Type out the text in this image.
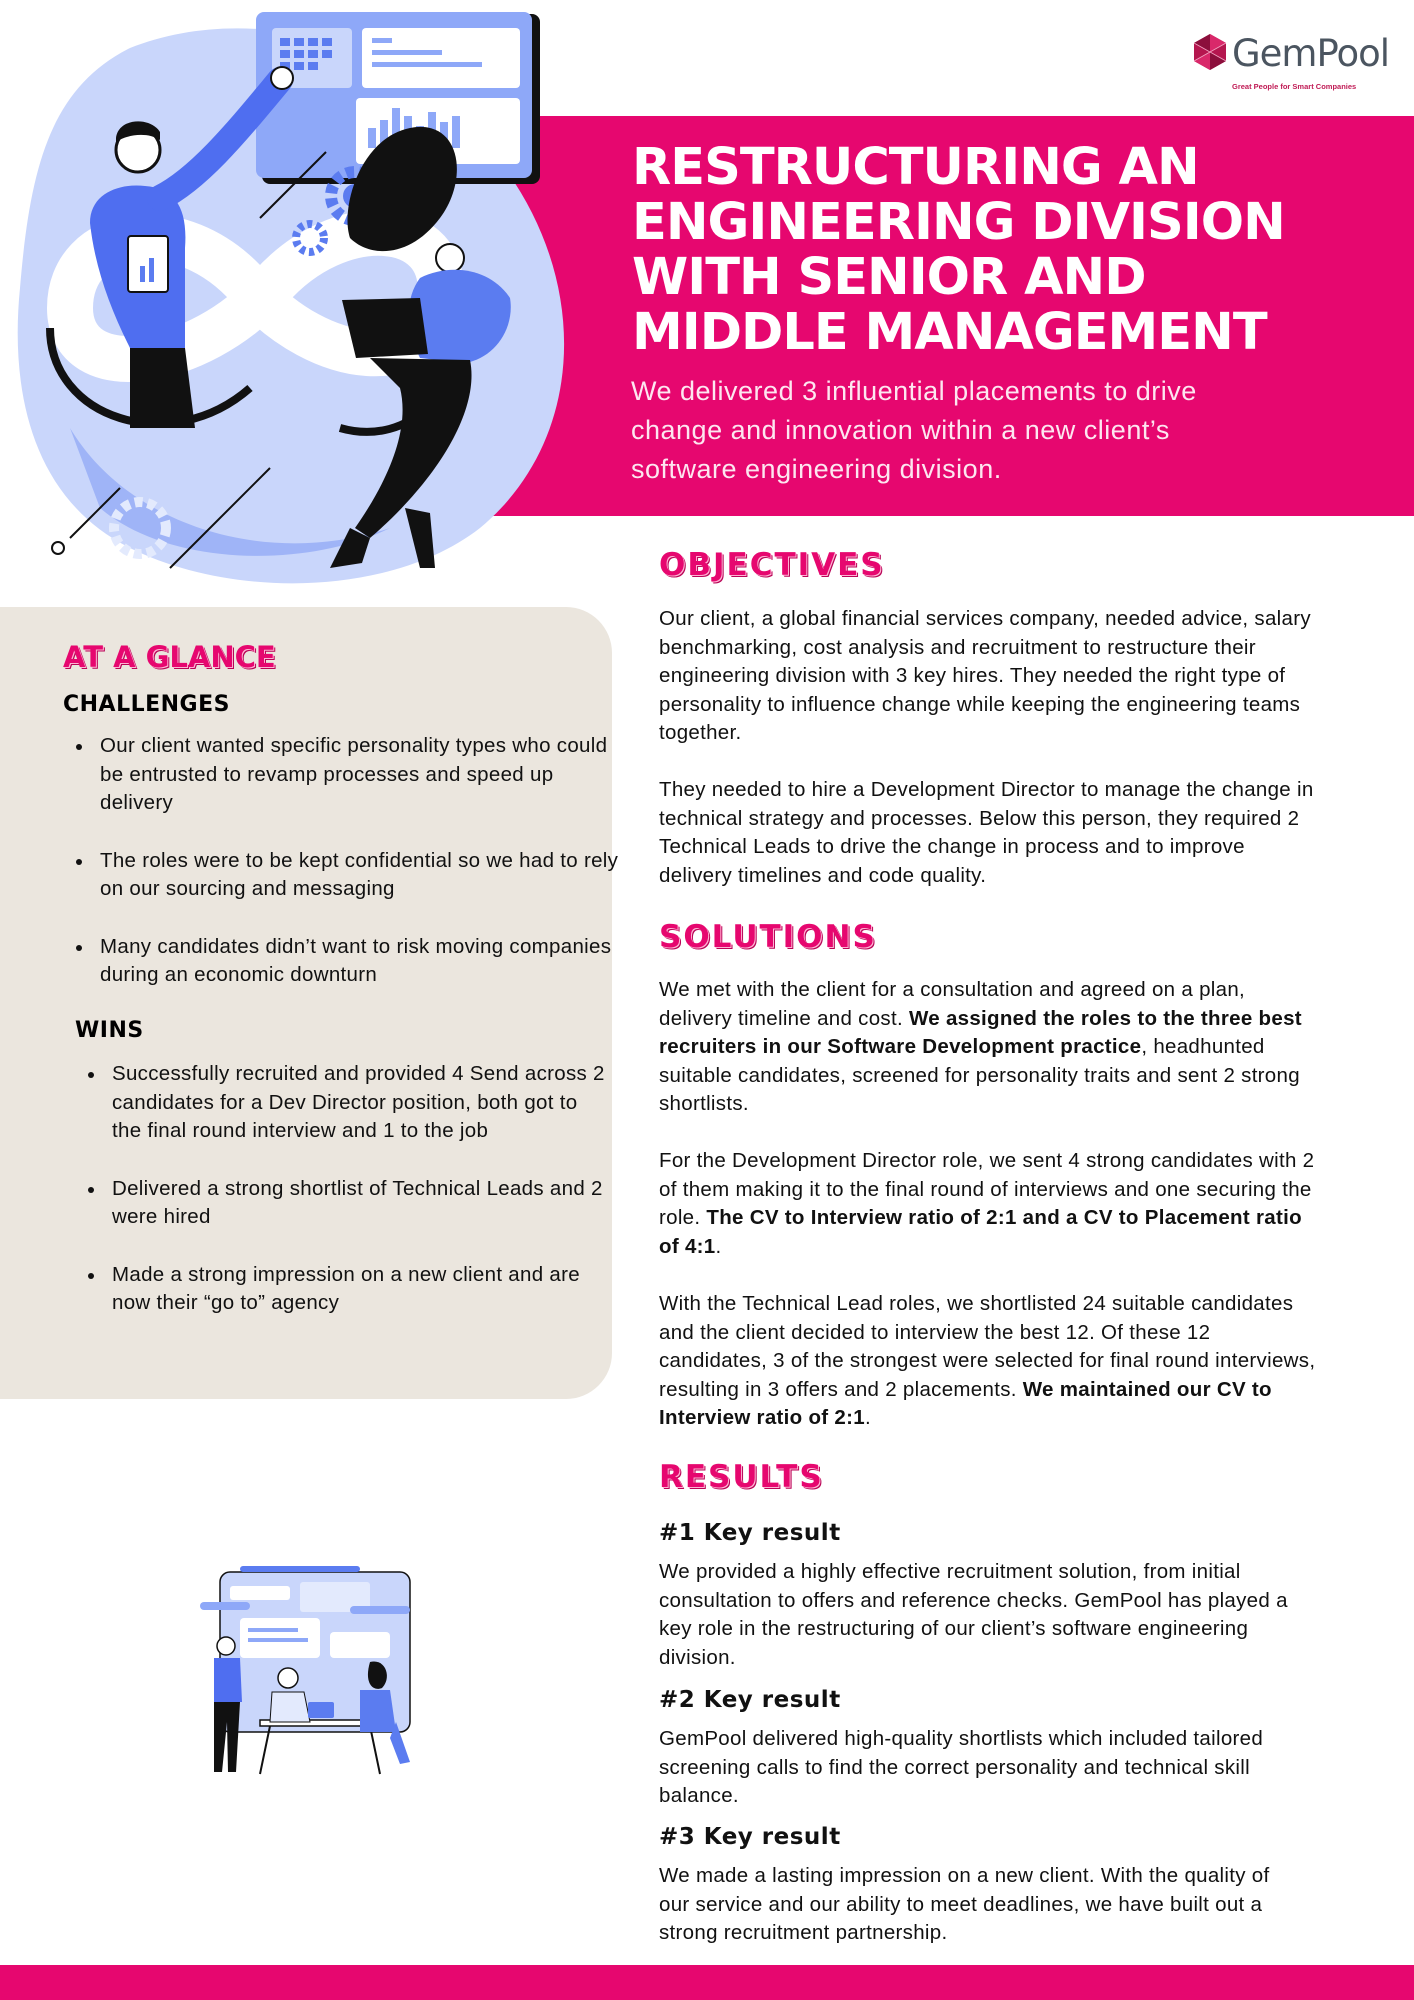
GemPool
Great People for Smart Companies
RESTRUCTURING AN ENGINEERING DIVISION WITH SENIOR AND MIDDLE MANAGEMENT

We delivered 3 influential placements to drive change and innovation within a new client’s software engineering division.

AT A GLANCE
CHALLENGES
Our client wanted specific personality types who could be entrusted to revamp processes and speed up delivery
The roles were to be kept confidential so we had to rely on our sourcing and messaging
Many candidates didn’t want to risk moving companies during an economic downturn
WINS
Successfully recruited and provided 4 Send across 2 candidates for a Dev Director position, both got to the final round interview and 1 to the job
Delivered a strong shortlist of Technical Leads and 2 were hired
Made a strong impression on a new client and are now their “go to” agency
OBJECTIVES

Our client, a global financial services company, needed advice, salary benchmarking, cost analysis and recruitment to restructure their engineering division with 3 key hires. They needed the right type of personality to influence change while keeping the engineering teams together.

They needed to hire a Development Director to manage the change in technical strategy and processes. Below this person, they required 2 Technical Leads to drive the change in process and to improve delivery timelines and code quality.

SOLUTIONS

We met with the client for a consultation and agreed on a plan, delivery timeline and cost. We assigned the roles to the three best recruiters in our Software Development practice, headhunted suitable candidates, screened for personality traits and sent 2 strong shortlists.

For the Development Director role, we sent 4 strong candidates with 2 of them making it to the final round of interviews and one securing the role. The CV to Interview ratio of 2:1 and a CV to Placement ratio of 4:1.

With the Technical Lead roles, we shortlisted 24 suitable candidates and the client decided to interview the best 12. Of these 12 candidates, 3 of the strongest were selected for final round interviews, resulting in 3 offers and 2 placements. We maintained our CV to Interview ratio of 2:1.

RESULTS
#1 Key result

We provided a highly effective recruitment solution, from initial consultation to offers and reference checks. GemPool has played a key role in the restructuring of our client’s software engineering division.

#2 Key result

GemPool delivered high-quality shortlists which included tailored screening calls to find the correct personality and technical skill balance.

#3 Key result

We made a lasting impression on a new client. With the quality of our service and our ability to meet deadlines, we have built out a strong recruitment partnership.
